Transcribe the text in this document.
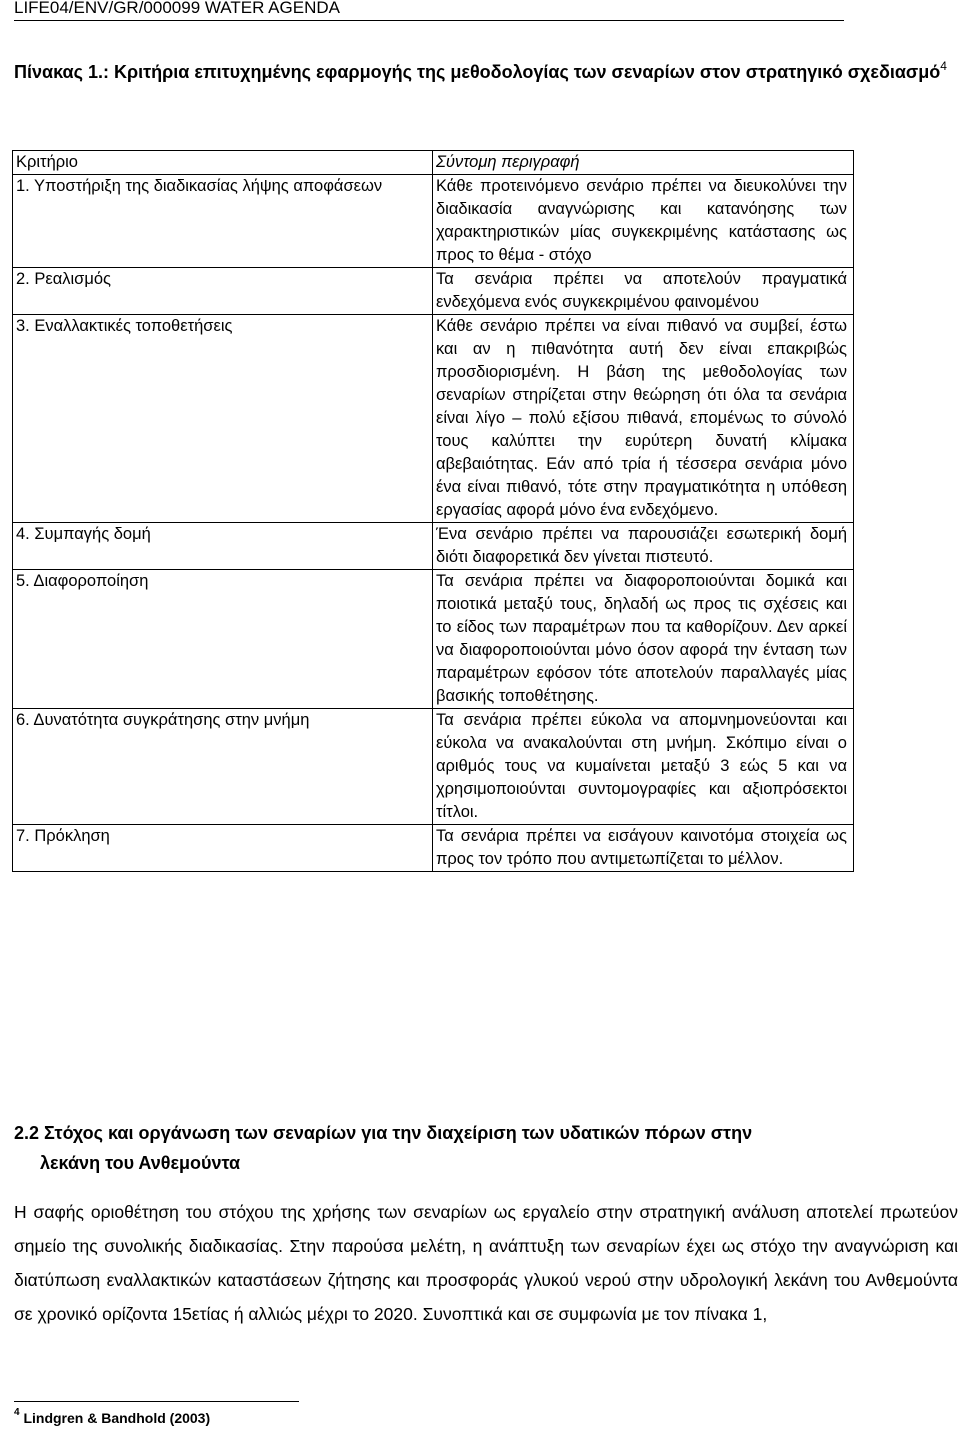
LIFE04/ENV/GR/000099 WATER AGENDA
Πίνακας 1.: Κριτήρια επιτυχημένης εφαρμογής της μεθοδολογίας των σεναρίων στον στρατηγικό σχεδιασμό$^4$
Κριτήριο	Σύντομη περιγραφή
1. Υποστήριξη της διαδικασίας λήψης αποφάσεων	Κάθε προτεινόμενο σενάριο πρέπει να διευκολύνει την διαδικασία αναγνώρισης και κατανόησης των χαρακτηριστικών μίας συγκεκριμένης κατάστασης ως προς το θέμα - στόχο
2. Ρεαλισμός	Τα σενάρια πρέπει να αποτελούν πραγματικά ενδεχόμενα ενός συγκεκριμένου φαινομένου
3. Εναλλακτικές τοποθετήσεις	Κάθε σενάριο πρέπει να είναι πιθανό να συμβεί, έστω και αν η πιθανότητα αυτή δεν είναι επακριβώς προσδιορισμένη. Η βάση της μεθοδολογίας των σεναρίων στηρίζεται στην θεώρηση ότι όλα τα σενάρια είναι λίγο – πολύ εξίσου πιθανά, επομένως το σύνολό τους καλύπτει την ευρύτερη δυνατή κλίμακα αβεβαιότητας. Εάν από τρία ή τέσσερα σενάρια μόνο ένα είναι πιθανό, τότε στην πραγματικότητα η υπόθεση εργασίας αφορά μόνο ένα ενδεχόμενο.
4. Συμπαγής δομή	Ένα σενάριο πρέπει να παρουσιάζει εσωτερική δομή διότι διαφορετικά δεν γίνεται πιστευτό.
5. Διαφοροποίηση	Τα σενάρια πρέπει να διαφοροποιούνται δομικά και ποιοτικά μεταξύ τους, δηλαδή ως προς τις σχέσεις και το είδος των παραμέτρων που τα καθορίζουν. Δεν αρκεί να διαφοροποιούνται μόνο όσον αφορά την ένταση των παραμέτρων εφόσον τότε αποτελούν παραλλαγές μίας βασικής τοποθέτησης.
6. Δυνατότητα συγκράτησης στην μνήμη	Τα σενάρια πρέπει εύκολα να απομνημονεύονται και εύκολα να ανακαλούνται στη μνήμη. Σκόπιμο είναι ο αριθμός τους να κυμαίνεται μεταξύ 3 εώς 5 και να χρησιμοποιούνται συντομογραφίες και αξιοπρόσεκτοι τίτλοι.
7. Πρόκληση	Τα σενάρια πρέπει να εισάγουν καινοτόμα στοιχεία ως προς τον τρόπο που αντιμετωπίζεται το μέλλον.
2.2 Στόχος και οργάνωση των σεναρίων για την διαχείριση των υδατικών πόρων στην
λεκάνη του Ανθεμούντα
Η σαφής οριοθέτηση του στόχου της χρήσης των σεναρίων ως εργαλείο στην στρατηγική ανάλυση αποτελεί πρωτεύον σημείο της συνολικής διαδικασίας. Στην παρούσα μελέτη, η ανάπτυξη των σεναρίων έχει ως στόχο την αναγνώριση και διατύπωση εναλλακτικών καταστάσεων ζήτησης και προσφοράς γλυκού νερού στην υδρολογική λεκάνη του Ανθεμούντα σε χρονικό ορίζοντα 15ετίας ή αλλιώς μέχρι το 2020. Συνοπτικά και σε συμφωνία με τον πίνακα 1,
$^4$ Lindgren & Bandhold (2003)
